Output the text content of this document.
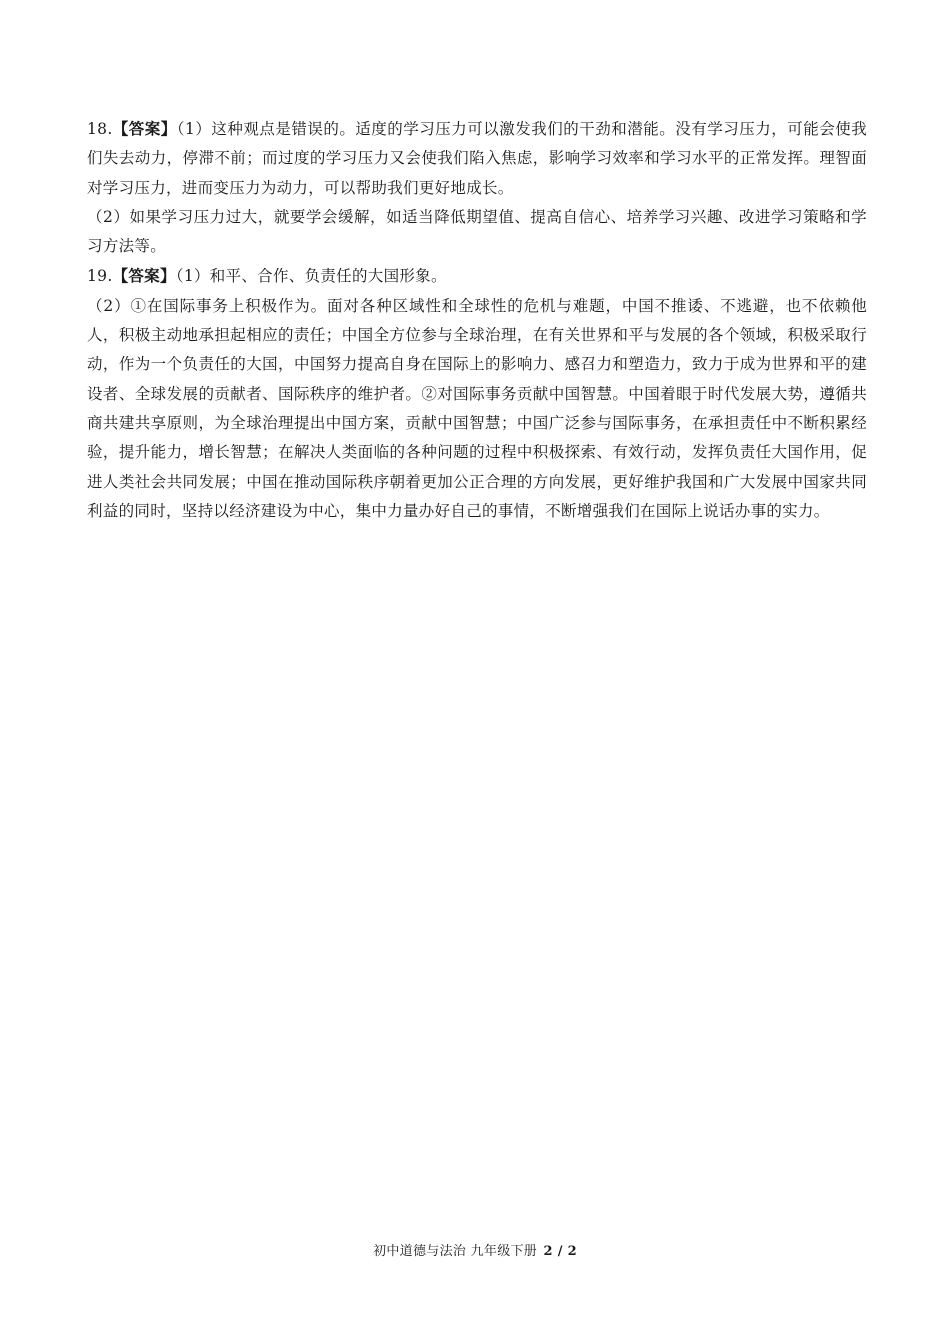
18.【答案】（1）这种观点是错误的。适度的学习压力可以激发我们的干劲和潜能。没有学习压力，可能会使我们失去动力，停滞不前；而过度的学习压力又会使我们陷入焦虑，影响学习效率和学习水平的正常发挥。理智面对学习压力，进而变压力为动力，可以帮助我们更好地成长。

（2）如果学习压力过大，就要学会缓解，如适当降低期望值、提高自信心、培养学习兴趣、改进学习策略和学习方法等。

19.【答案】（1）和平、合作、负责任的大国形象。

（2）①在国际事务上积极作为。面对各种区域性和全球性的危机与难题，中国不推诿、不逃避，也不依赖他人，积极主动地承担起相应的责任；中国全方位参与全球治理，在有关世界和平与发展的各个领域，积极采取行动，作为一个负责任的大国，中国努力提高自身在国际上的影响力、感召力和塑造力，致力于成为世界和平的建设者、全球发展的贡献者、国际秩序的维护者。②对国际事务贡献中国智慧。中国着眼于时代发展大势，遵循共商共建共享原则，为全球治理提出中国方案，贡献中国智慧；中国广泛参与国际事务，在承担责任中不断积累经验，提升能力，增长智慧；在解决人类面临的各种问题的过程中积极探索、有效行动，发挥负责任大国作用，促进人类社会共同发展；中国在推动国际秩序朝着更加公正合理的方向发展，更好维护我国和广大发展中国家共同利益的同时，坚持以经济建设为中心，集中力量办好自己的事情，不断增强我们在国际上说话办事的实力。

初中道德与法治 九年级下册 2 / 2
